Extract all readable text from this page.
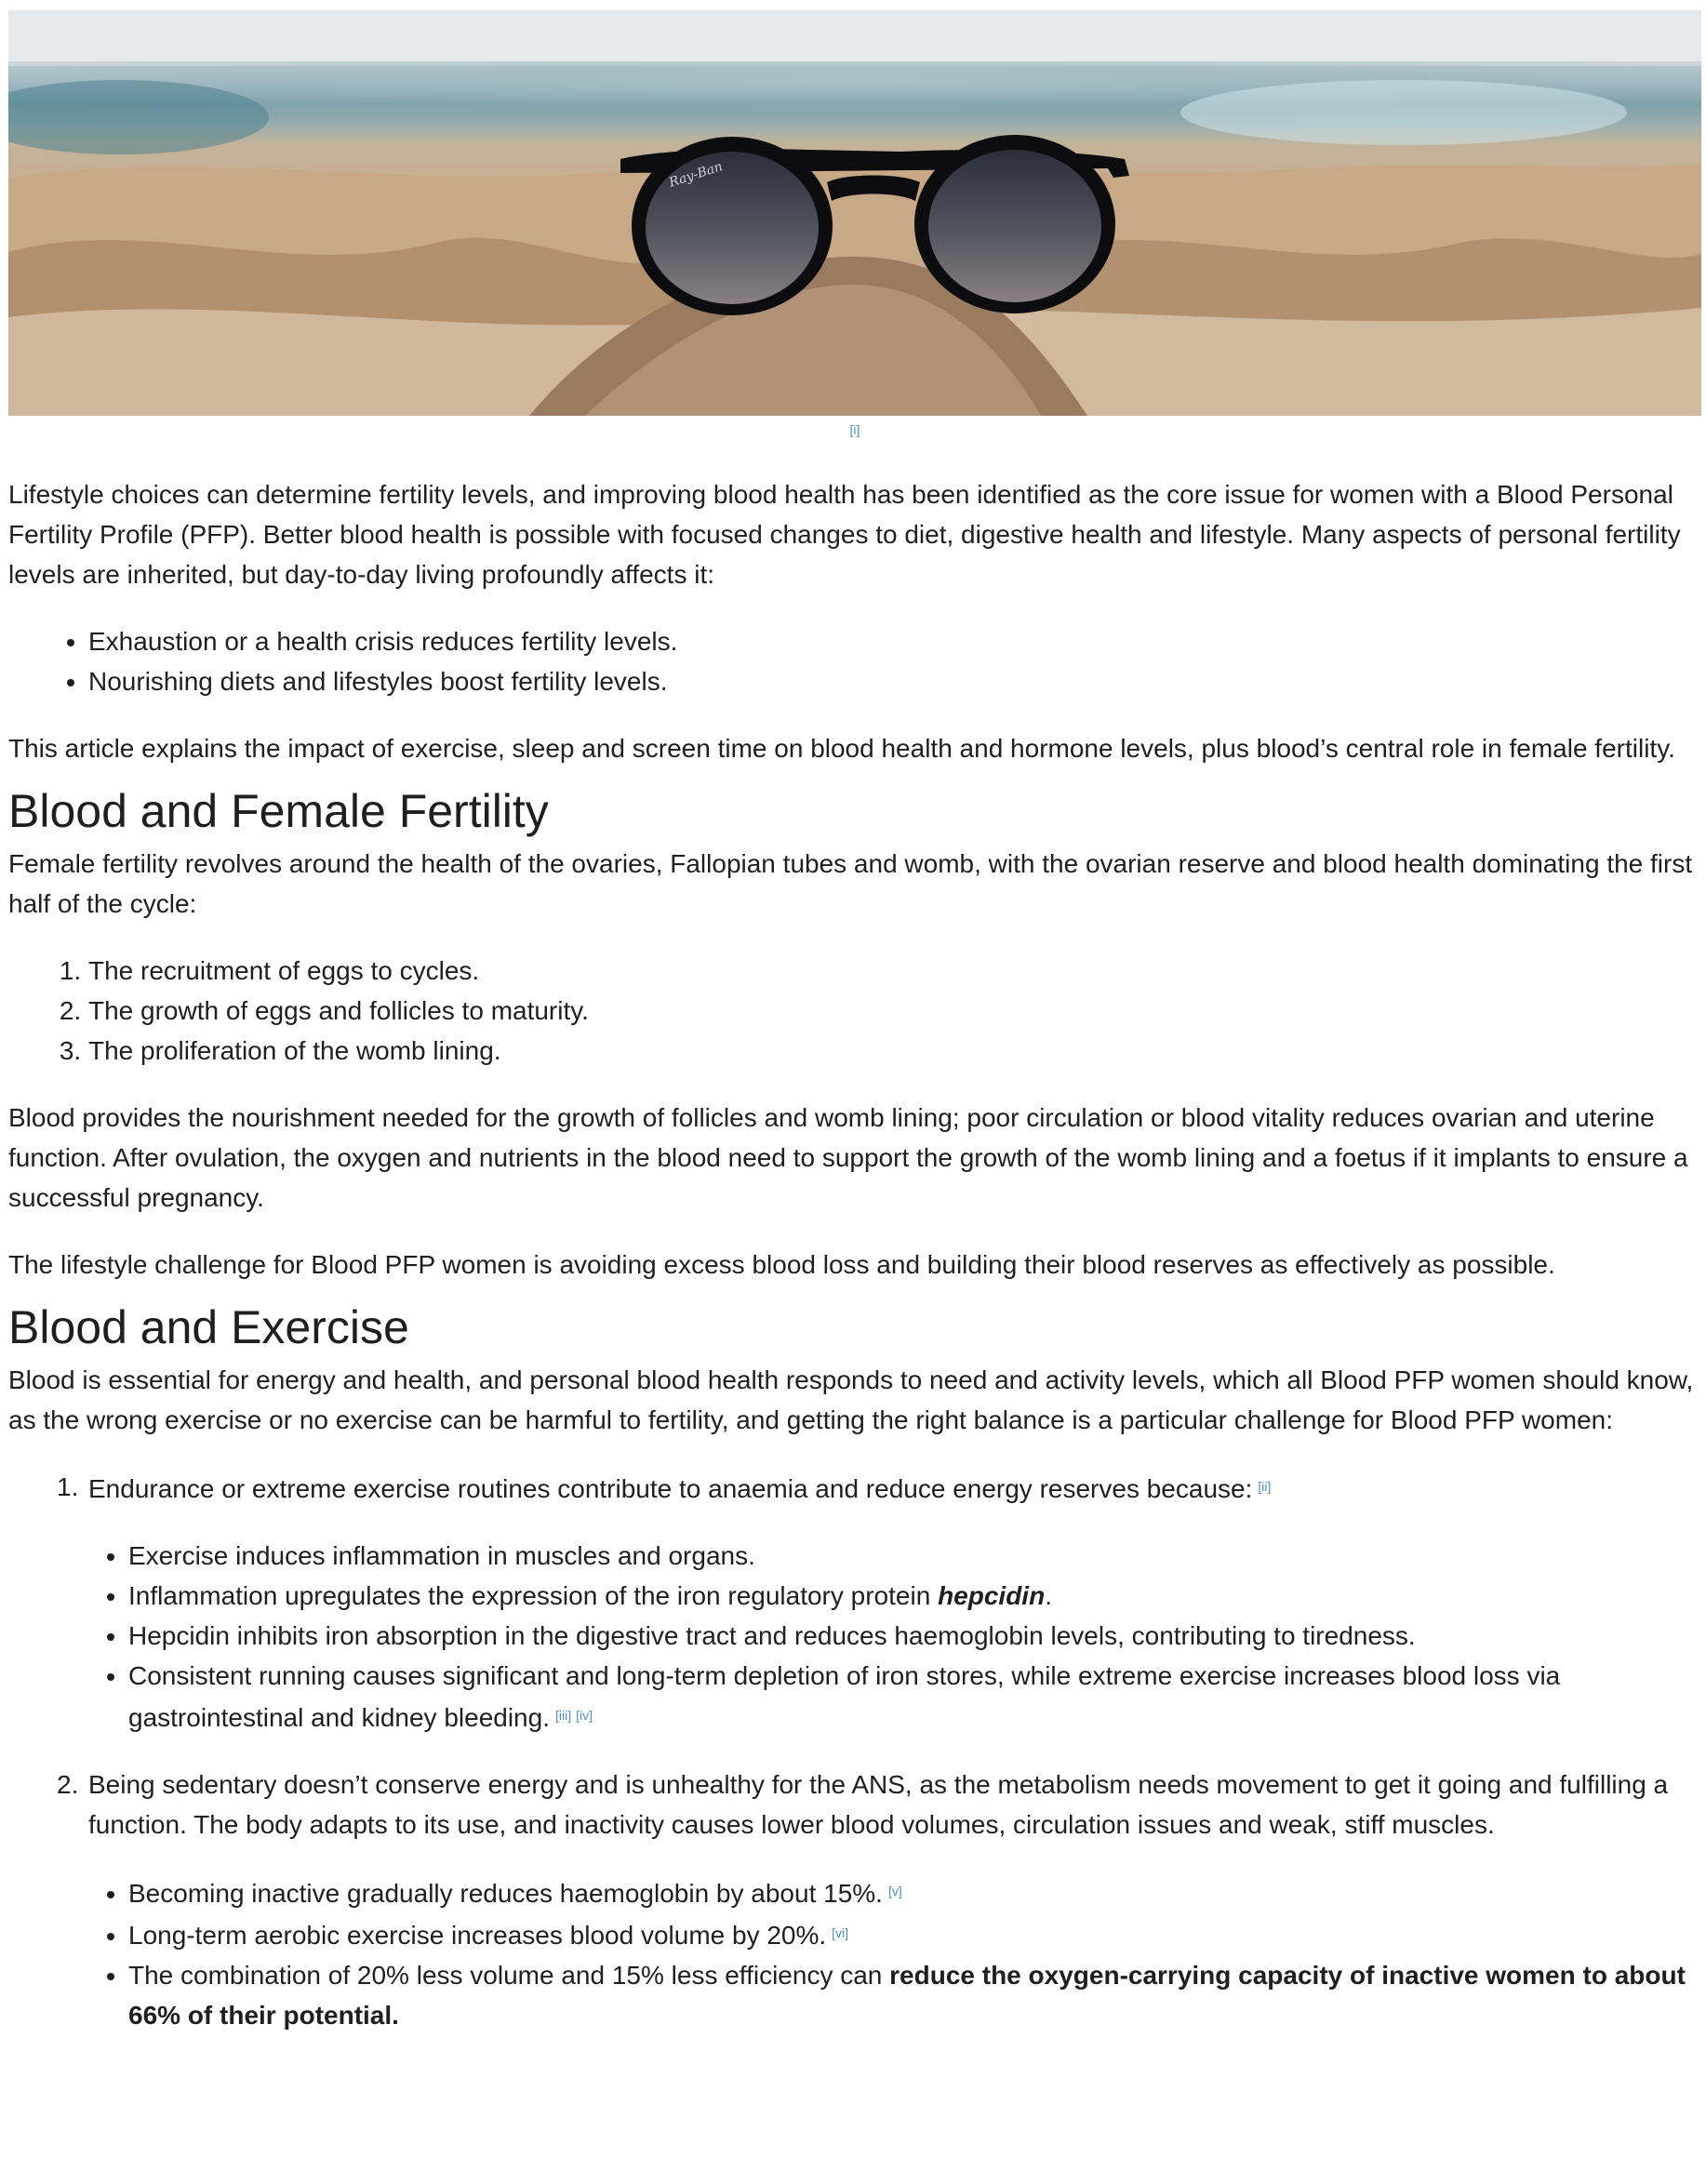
Ray-Ban
[i]

Lifestyle choices can determine fertility levels, and improving blood health has been identified as the core issue for women with a Blood Personal Fertility Profile (PFP). Better blood health is possible with focused changes to diet, digestive health and lifestyle. Many aspects of personal fertility levels are inherited, but day-to-day living profoundly affects it:

• Exhaustion or a health crisis reduces fertility levels.
• Nourishing diets and lifestyles boost fertility levels.

This article explains the impact of exercise, sleep and screen time on blood health and hormone levels, plus blood’s central role in female fertility.

Blood and Female Fertility

Female fertility revolves around the health of the ovaries, Fallopian tubes and womb, with the ovarian reserve and blood health dominating the first half of the cycle:

1. The recruitment of eggs to cycles.
2. The growth of eggs and follicles to maturity.
3. The proliferation of the womb lining.

Blood provides the nourishment needed for the growth of follicles and womb lining; poor circulation or blood vitality reduces ovarian and uterine function. After ovulation, the oxygen and nutrients in the blood need to support the growth of the womb lining and a foetus if it implants to ensure a successful pregnancy.

The lifestyle challenge for Blood PFP women is avoiding excess blood loss and building their blood reserves as effectively as possible.

Blood and Exercise

Blood is essential for energy and health, and personal blood health responds to need and activity levels, which all Blood PFP women should know, as the wrong exercise or no exercise can be harmful to fertility, and getting the right balance is a particular challenge for Blood PFP women:

1. Endurance or extreme exercise routines contribute to anaemia and reduce energy reserves because: [ii]
• Exercise induces inflammation in muscles and organs.
• Inflammation upregulates the expression of the iron regulatory protein hepcidin.
• Hepcidin inhibits iron absorption in the digestive tract and reduces haemoglobin levels, contributing to tiredness.
• Consistent running causes significant and long-term depletion of iron stores, while extreme exercise increases blood loss via gastrointestinal and kidney bleeding. [iii] [iv]
2. Being sedentary doesn’t conserve energy and is unhealthy for the ANS, as the metabolism needs movement to get it going and fulfilling a function. The body adapts to its use, and inactivity causes lower blood volumes, circulation issues and weak, stiff muscles.
• Becoming inactive gradually reduces haemoglobin by about 15%. [v]
• Long-term aerobic exercise increases blood volume by 20%. [vi]
• The combination of 20% less volume and 15% less efficiency can reduce the oxygen-carrying capacity of inactive women to about 66% of their potential.
